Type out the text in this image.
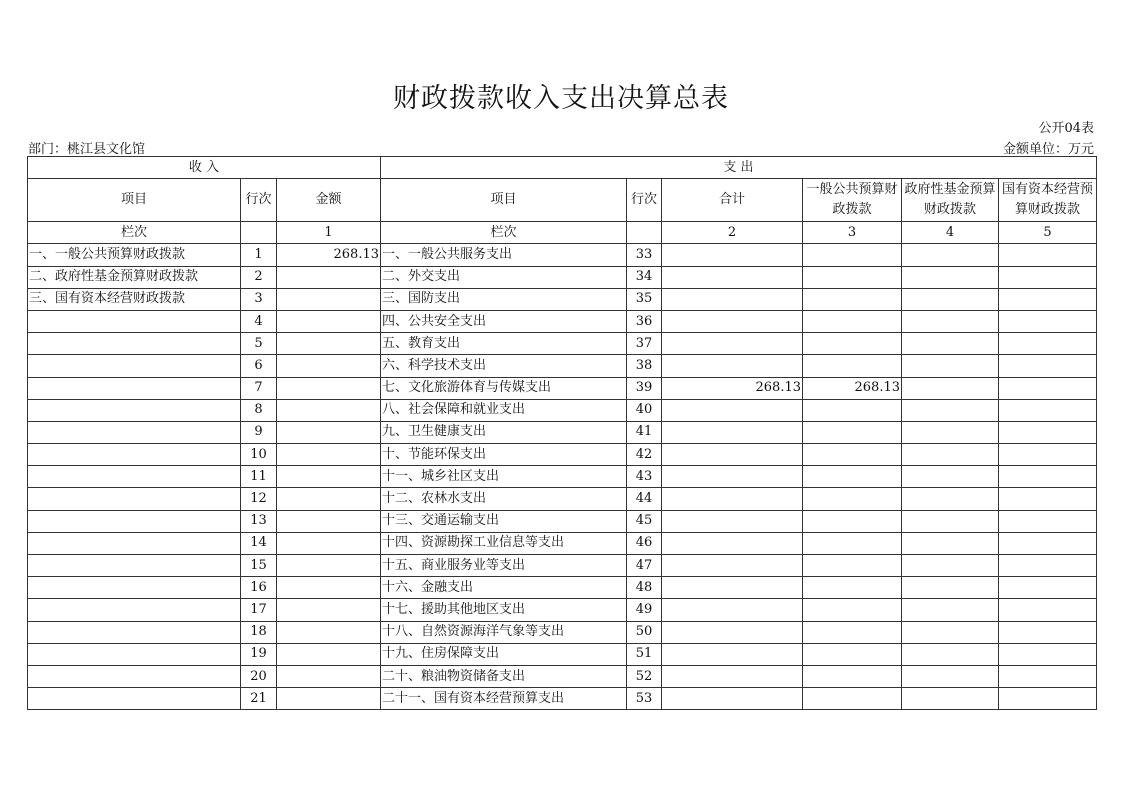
财政拨款收入支出决算总表
公开04表
部门：桃江县文化馆	金额单位：万元
收 入			支 出					
项目	行次	金额	项目	行次	合计	一般公共预算财政拨款	政府性基金预算财政拨款	国有资本经营预算财政拨款
栏次		1	栏次		2	3	4	5
一、一般公共预算财政拨款	1	268.13	一、一般公共服务支出	33				
二、政府性基金预算财政拨款	2		二、外交支出	34				
三、国有资本经营财政拨款	3		三、国防支出	35				
	4		四、公共安全支出	36				
	5		五、教育支出	37				
	6		六、科学技术支出	38				
	7		七、文化旅游体育与传媒支出	39	268.13	268.13		
	8		八、社会保障和就业支出	40				
	9		九、卫生健康支出	41				
	10		十、节能环保支出	42				
	11		十一、城乡社区支出	43				
	12		十二、农林水支出	44				
	13		十三、交通运输支出	45				
	14		十四、资源勘探工业信息等支出	46				
	15		十五、商业服务业等支出	47				
	16		十六、金融支出	48				
	17		十七、援助其他地区支出	49				
	18		十八、自然资源海洋气象等支出	50				
	19		十九、住房保障支出	51				
	20		二十、粮油物资储备支出	52				
	21		二十一、国有资本经营预算支出	53				
